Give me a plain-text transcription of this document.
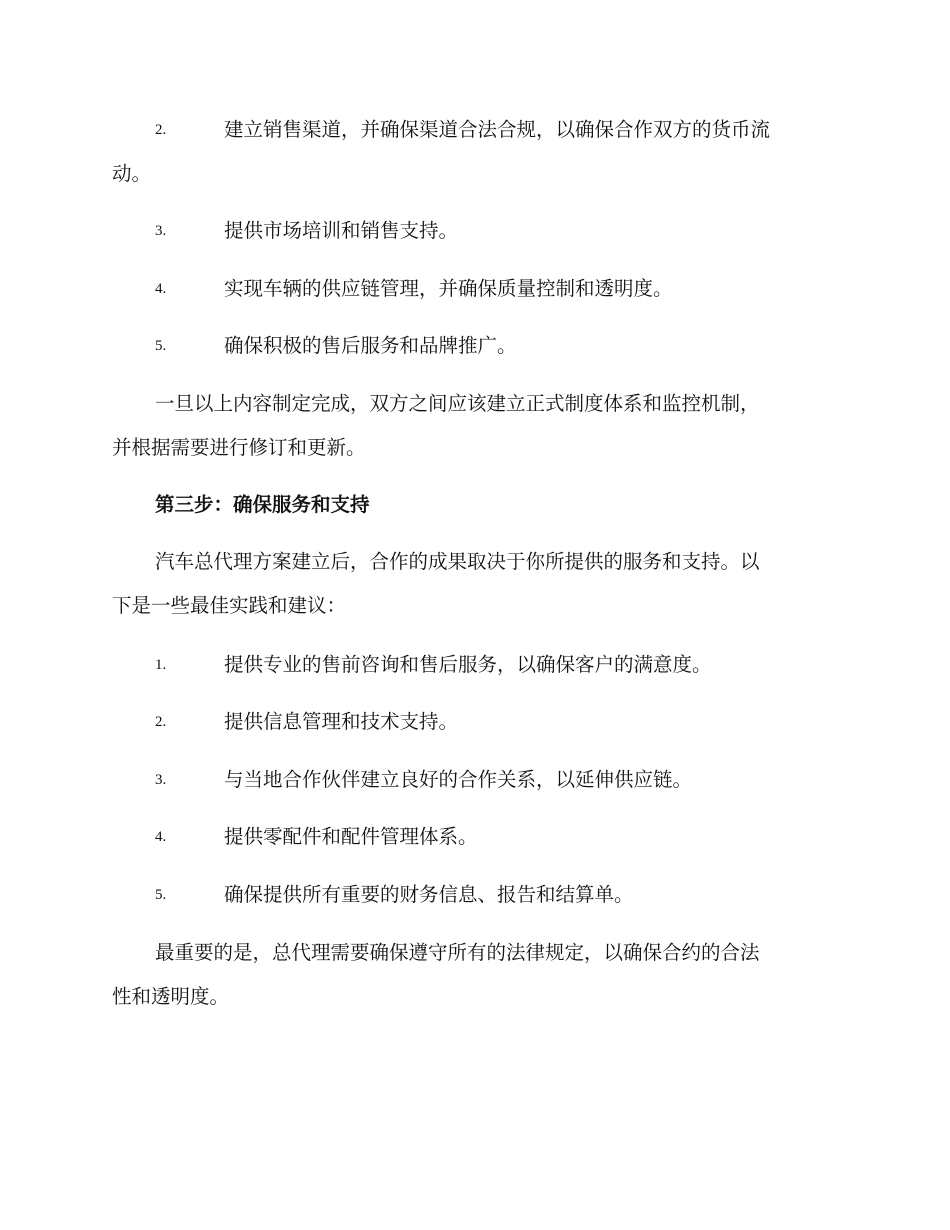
2.	建立销售渠道，并确保渠道合法合规，以确保合作双方的货币流
动。
3.	提供市场培训和销售支持。
4.	实现车辆的供应链管理，并确保质量控制和透明度。
5.	确保积极的售后服务和品牌推广。
一旦以上内容制定完成，双方之间应该建立正式制度体系和监控机制，
并根据需要进行修订和更新。
第三步：确保服务和支持
汽车总代理方案建立后，合作的成果取决于你所提供的服务和支持。以
下是一些最佳实践和建议：
1.	提供专业的售前咨询和售后服务，以确保客户的满意度。
2.	提供信息管理和技术支持。
3.	与当地合作伙伴建立良好的合作关系，以延伸供应链。
4.	提供零配件和配件管理体系。
5.	确保提供所有重要的财务信息、报告和结算单。
最重要的是，总代理需要确保遵守所有的法律规定，以确保合约的合法
性和透明度。
